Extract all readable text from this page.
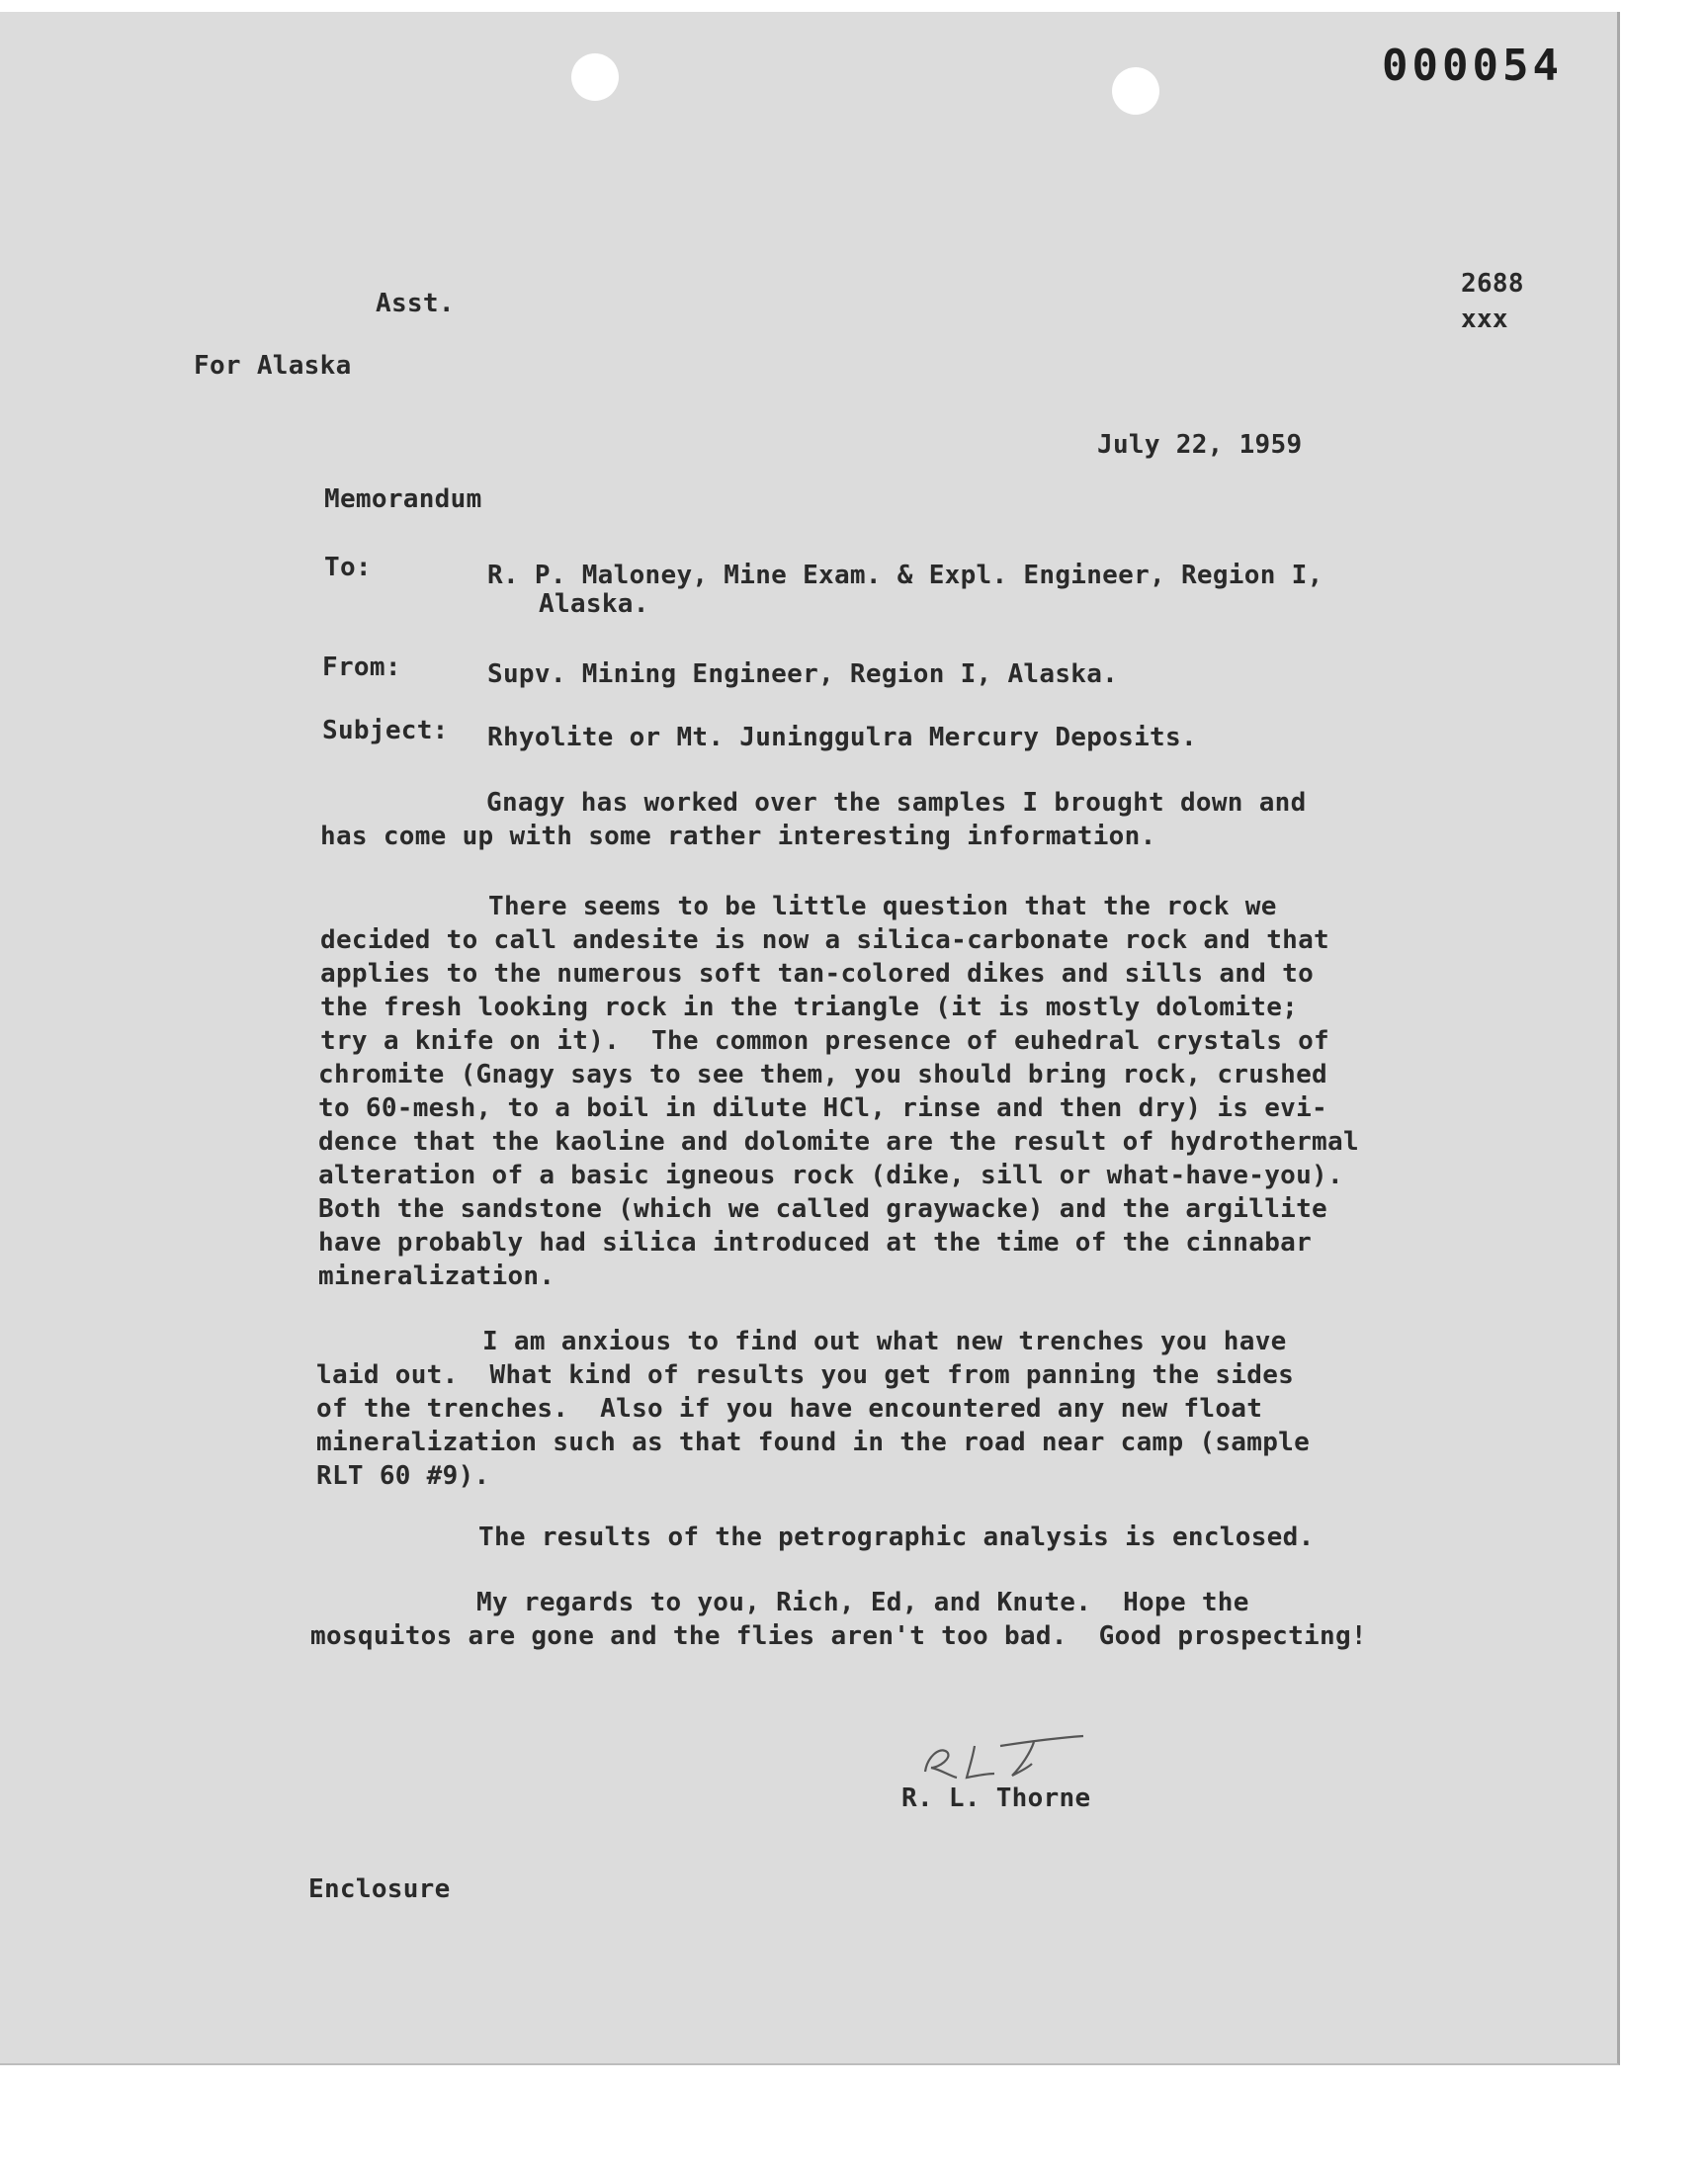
000054
2688
xxx
Asst.
For Alaska
July 22, 1959
Memorandum
To:	R. P. Maloney, Mine Exam. & Expl. Engineer, Region I,
Alaska.
From:	Supv. Mining Engineer, Region I, Alaska.
Subject: Rhyolite or Mt. Juninggulra Mercury Deposits.
Gnagy has worked over the samples I brought down and
has come up with some rather interesting information.
There seems to be little question that the rock we
decided to call andesite is now a silica-carbonate rock and that
applies to the numerous soft tan-colored dikes and sills and to
the fresh looking rock in the triangle (it is mostly dolomite;
try a knife on it).  The common presence of euhedral crystals of
chromite (Gnagy says to see them, you should bring rock, crushed
to 60-mesh, to a boil in dilute HCl, rinse and then dry) is evi-
dence that the kaoline and dolomite are the result of hydrothermal
alteration of a basic igneous rock (dike, sill or what-have-you).
Both the sandstone (which we called graywacke) and the argillite
have probably had silica introduced at the time of the cinnabar
mineralization.
I am anxious to find out what new trenches you have
laid out.  What kind of results you get from panning the sides
of the trenches.  Also if you have encountered any new float
mineralization such as that found in the road near camp (sample
RLT 60 #9).
The results of the petrographic analysis is enclosed.
My regards to you, Rich, Ed, and Knute.  Hope the
mosquitos are gone and the flies aren't too bad.  Good prospecting!
R. L. Thorne
Enclosure
